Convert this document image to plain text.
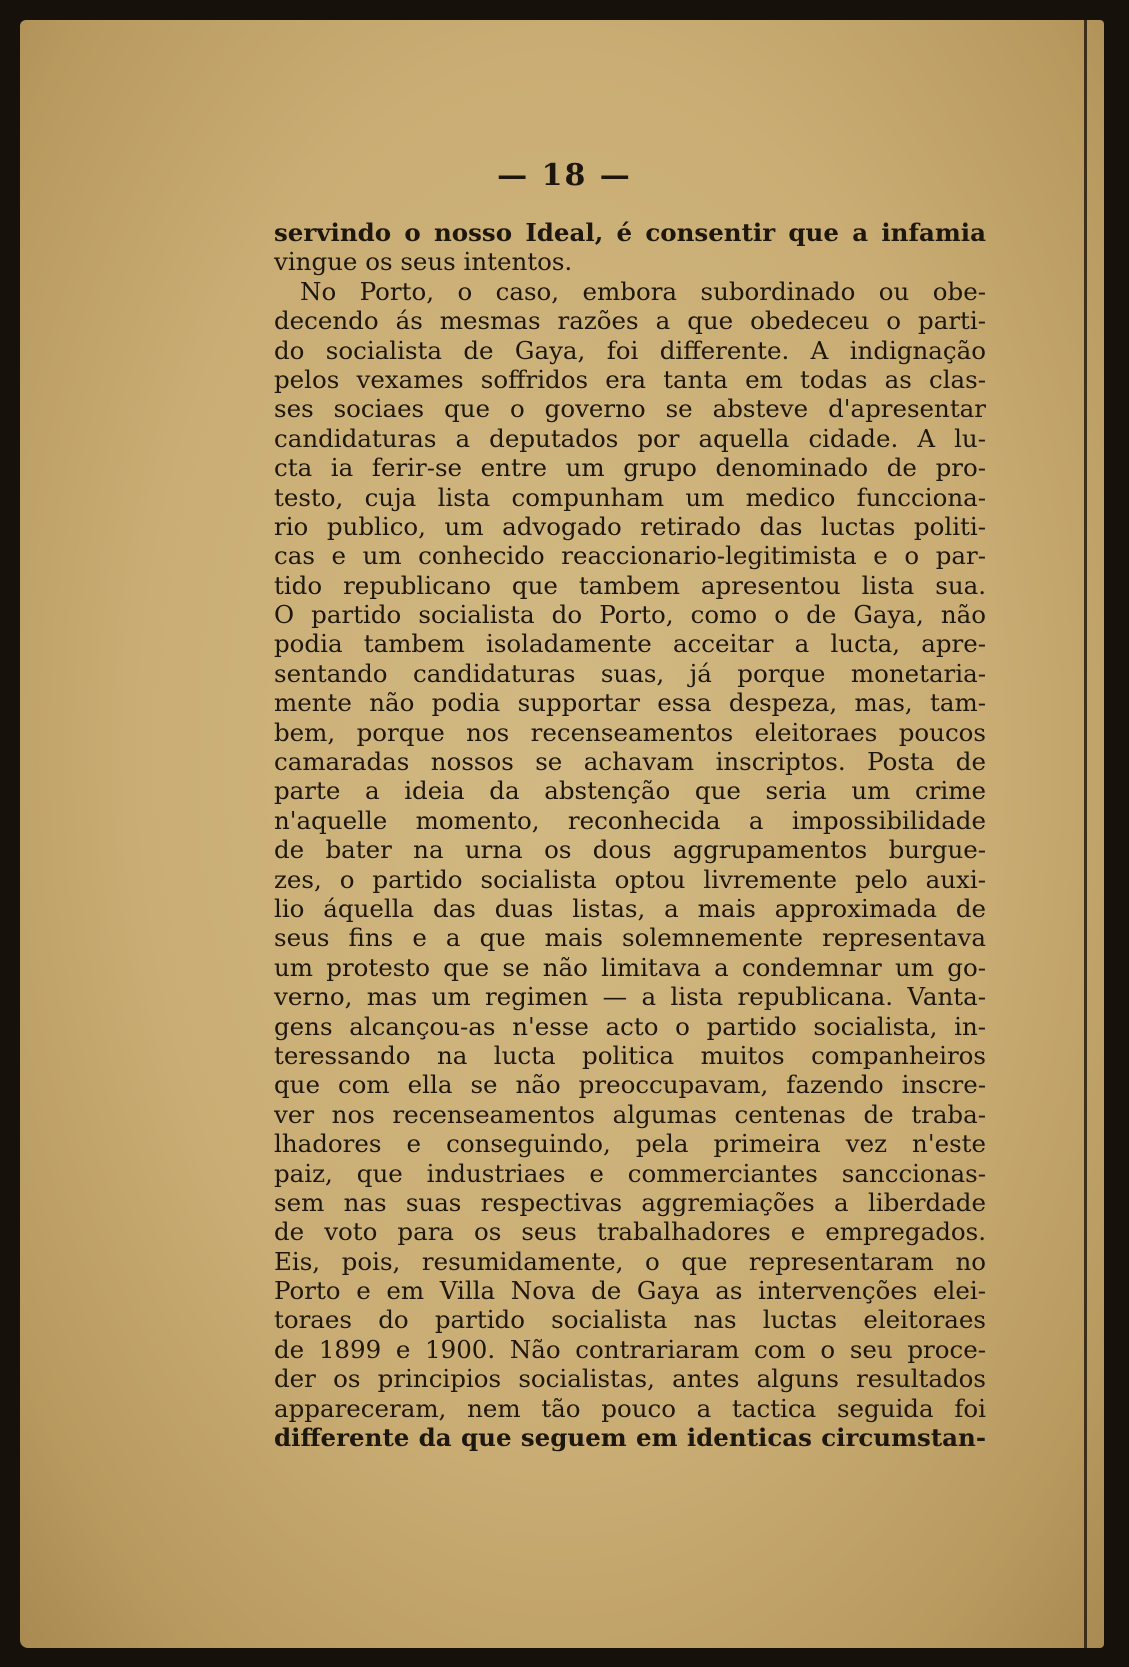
— 18 —
servindo o nosso Ideal, é consentir que a infamia
vingue os seus intentos.
No Porto, o caso, embora subordinado ou obe-
decendo ás mesmas razões a que obedeceu o parti-
do socialista de Gaya, foi differente. A indignação
pelos vexames soffridos era tanta em todas as clas-
ses sociaes que o governo se absteve d'apresentar
candidaturas a deputados por aquella cidade. A lu-
cta ia ferir-se entre um grupo denominado de pro-
testo, cuja lista compunham um medico funcciona-
rio publico, um advogado retirado das luctas politi-
cas e um conhecido reaccionario-legitimista e o par-
tido republicano que tambem apresentou lista sua.
O partido socialista do Porto, como o de Gaya, não
podia tambem isoladamente acceitar a lucta, apre-
sentando candidaturas suas, já porque monetaria-
mente não podia supportar essa despeza, mas, tam-
bem, porque nos recenseamentos eleitoraes poucos
camaradas nossos se achavam inscriptos. Posta de
parte a ideia da abstenção que seria um crime
n'aquelle momento, reconhecida a impossibilidade
de bater na urna os dous aggrupamentos burgue-
zes, o partido socialista optou livremente pelo auxi-
lio áquella das duas listas, a mais approximada de
seus fins e a que mais solemnemente representava
um protesto que se não limitava a condemnar um go-
verno, mas um regimen — a lista republicana. Vanta-
gens alcançou-as n'esse acto o partido socialista, in-
teressando na lucta politica muitos companheiros
que com ella se não preoccupavam, fazendo inscre-
ver nos recenseamentos algumas centenas de traba-
lhadores e conseguindo, pela primeira vez n'este
paiz, que industriaes e commerciantes sanccionas-
sem nas suas respectivas aggremiações a liberdade
de voto para os seus trabalhadores e empregados.
Eis, pois, resumidamente, o que representaram no
Porto e em Villa Nova de Gaya as intervenções elei-
toraes do partido socialista nas luctas eleitoraes
de 1899 e 1900. Não contrariaram com o seu proce-
der os principios socialistas, antes alguns resultados
appareceram, nem tão pouco a tactica seguida foi
differente da que seguem em identicas circumstan-
